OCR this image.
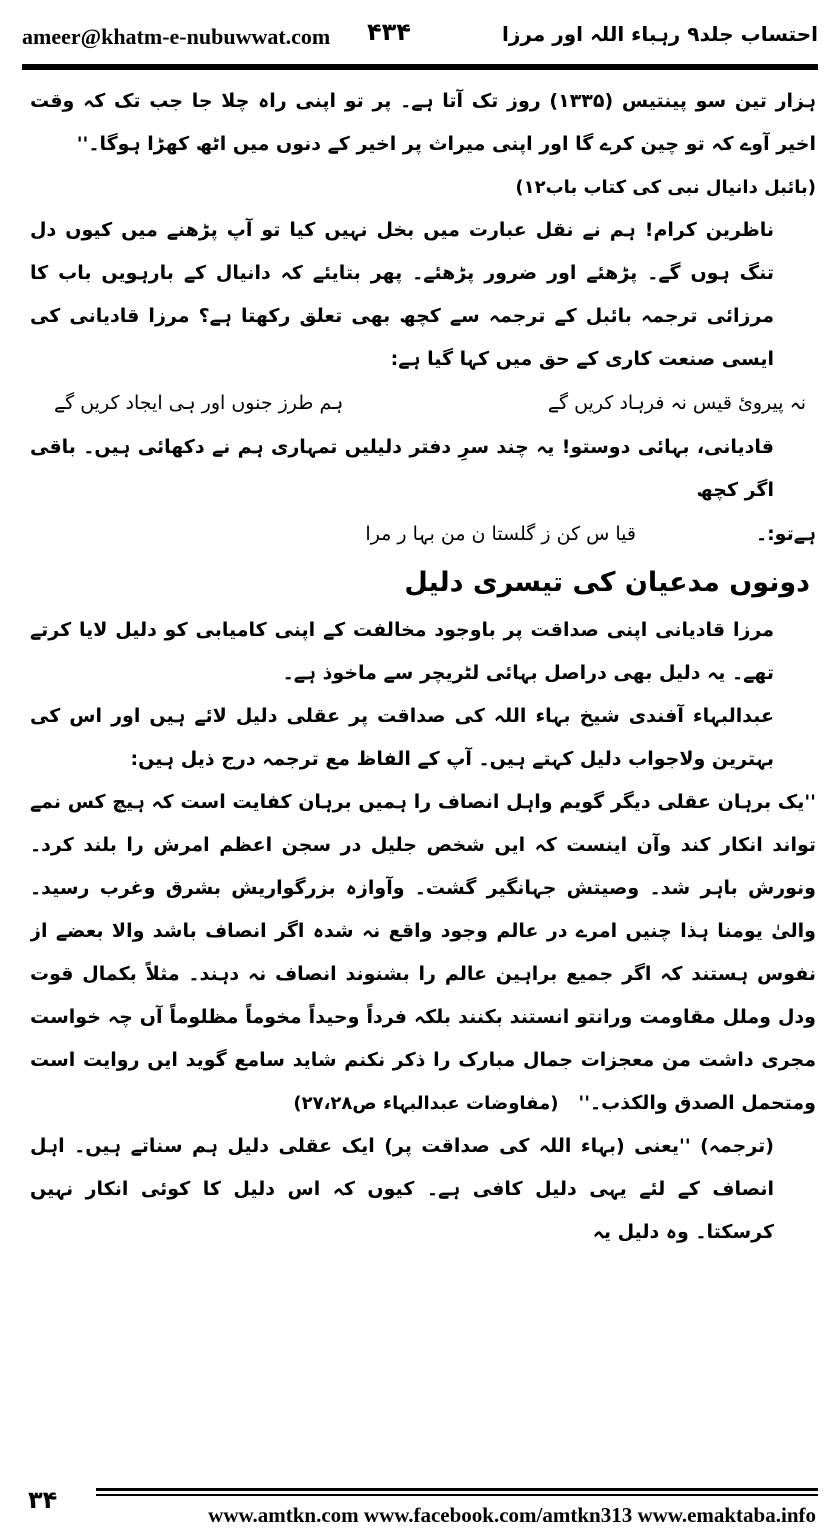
ameer@khatm-e-nubuwwat.com ۴۳۴	احتساب جلد۹ رہباء اللہ اور مرزا

ہزار تین سو پینتیس (۱۳۳۵) روز تک آتا ہے۔ پر تو اپنی راہ چلا جا جب تک کہ وقت اخیر آوے کہ تو چین کرے گا اور اپنی میراث پر اخیر کے دنوں میں اٹھ کھڑا ہوگا۔''

(بائبل دانیال نبی کی کتاب باب۱۲)

ناظرین کرام! ہم نے نقل عبارت میں بخل نہیں کیا تو آپ پڑھنے میں کیوں دل تنگ ہوں گے۔ پڑھئے اور ضرور پڑھئے۔ پھر بتایئے کہ دانیال کے بارہویں باب کا مرزائی ترجمہ بائبل کے ترجمہ سے کچھ بھی تعلق رکھتا ہے؟ مرزا قادیانی کی ایسی صنعت کاری کے حق میں کہا گیا ہے:

نہ پیروئ قیس نہ فرہاد کریں گے
ہم طرز جنوں اور ہی ایجاد کریں گے

قادیانی، بہائی دوستو! یہ چند سرِ دفتر دلیلیں تمہاری ہم نے دکھائی ہیں۔ باقی اگر کچھ

ہےتو:۔
قیا س کن ز گلستا ن من بہا ر مرا
دونوں مدعیان کی تیسری دلیل

مرزا قادیانی اپنی صداقت پر باوجود مخالفت کے اپنی کامیابی کو دلیل لایا کرتے تھے۔ یہ دلیل بھی دراصل بہائی لٹریچر سے ماخوذ ہے۔

عبدالبہاء آفندی شیخ بہاء اللہ کی صداقت پر عقلی دلیل لائے ہیں اور اس کی بہترین ولاجواب دلیل کہتے ہیں۔ آپ کے الفاظ مع ترجمہ درج ذیل ہیں:

''یک برہان عقلی دیگر گویم واہل انصاف را ہمیں برہان کفایت است کہ ہیچ کس نمے تواند انکار کند وآن اینست کہ ایں شخص جلیل در سجن اعظم امرش را بلند کرد۔ ونورش باہر شد۔ وصیتش جہانگیر گشت۔ وآوازہ بزرگواریش بشرق وغرب رسید۔ والیٰ یومنا ہذا چنیں امرے در عالم وجود واقع نہ شدہ اگر انصاف باشد والا بعضے از نفوس ہستند کہ اگر جمیع براہین عالم را بشنوند انصاف نہ دہند۔ مثلاً بکمال قوت ودل وملل مقاومت ورانتو انستند بکنند بلکہ فرداً وحیداً مخوماً مظلوماً آں چہ خواست مجری داشت من معجزات جمال مبارک را ذکر نکنم شاید سامع گوید ایں روایت است ومتحمل الصدق والکذب۔''   (مفاوضات عبدالبہاء ص۲۷،۲۸)

(ترجمہ) ''یعنی (بہاء اللہ کی صداقت پر) ایک عقلی دلیل ہم سناتے ہیں۔ اہل انصاف کے لئے یہی دلیل کافی ہے۔ کیوں کہ اس دلیل کا کوئی انکار نہیں کرسکتا۔ وہ دلیل یہ

۳۴
www.amtkn.com www.facebook.com/amtkn313 www.emaktaba.info
